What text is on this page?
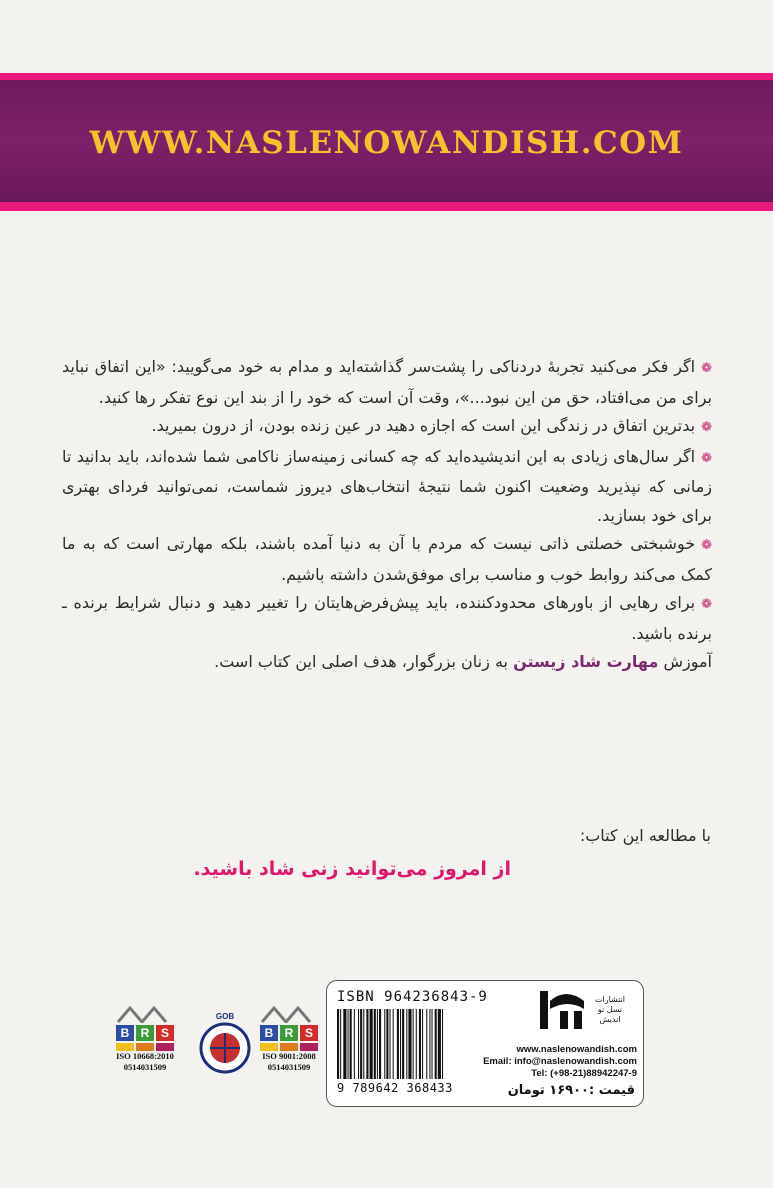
WWW.NASLENOWANDISH.COM

❁اگر فکر می‌کنید تجربهٔ دردناکی را پشت‌سر گذاشته‌اید و مدام به خود می‌گویید: «این اتفاق نباید برای من می‌افتاد، حق من این نبود...»، وقت آن است که خود را از بند این نوع تفکر رها کنید.

❁بدترین اتفاق در زندگی این است که اجازه دهید در عین زنده بودن، از درون بمیرید.

❁اگر سال‌های زیادی به این اندیشیده‌اید که چه کسانی زمینه‌ساز ناکامی شما شده‌اند، باید بدانید تا زمانی که نپذیرید وضعیت اکنون شما نتیجهٔ انتخاب‌های دیروز شماست، نمی‌توانید فردای بهتری برای خود بسازید.

❁خوشبختی خصلتی ذاتی نیست که مردم با آن به دنیا آمده باشند، بلکه مهارتی است که به ما کمک می‌کند روابط خوب و مناسب برای موفق‌شدن داشته باشیم.

❁برای رهایی از باورهای محدودکننده، باید پیش‌فرض‌هایتان را تغییر دهید و دنبال شرایط برنده ـ برنده باشید.

آموزش مهارت شاد زیستن به زنان بزرگوار، هدف اصلی این کتاب است.

با مطالعه این کتاب:
از امروز می‌توانید زنی شاد باشید.
B R S
ISO 10668:2010
0514031509
GOB
B R S
ISO 9001:2008
0514031509
ISBN 964236843-9
9 789642 368433
انتشارات
نسل نو اندیش
www.naslenowandish.com
Email: info@naslenowandish.com
Tel: (+98-21)88942247-9
قیمت :۱۶۹۰۰ تومان
